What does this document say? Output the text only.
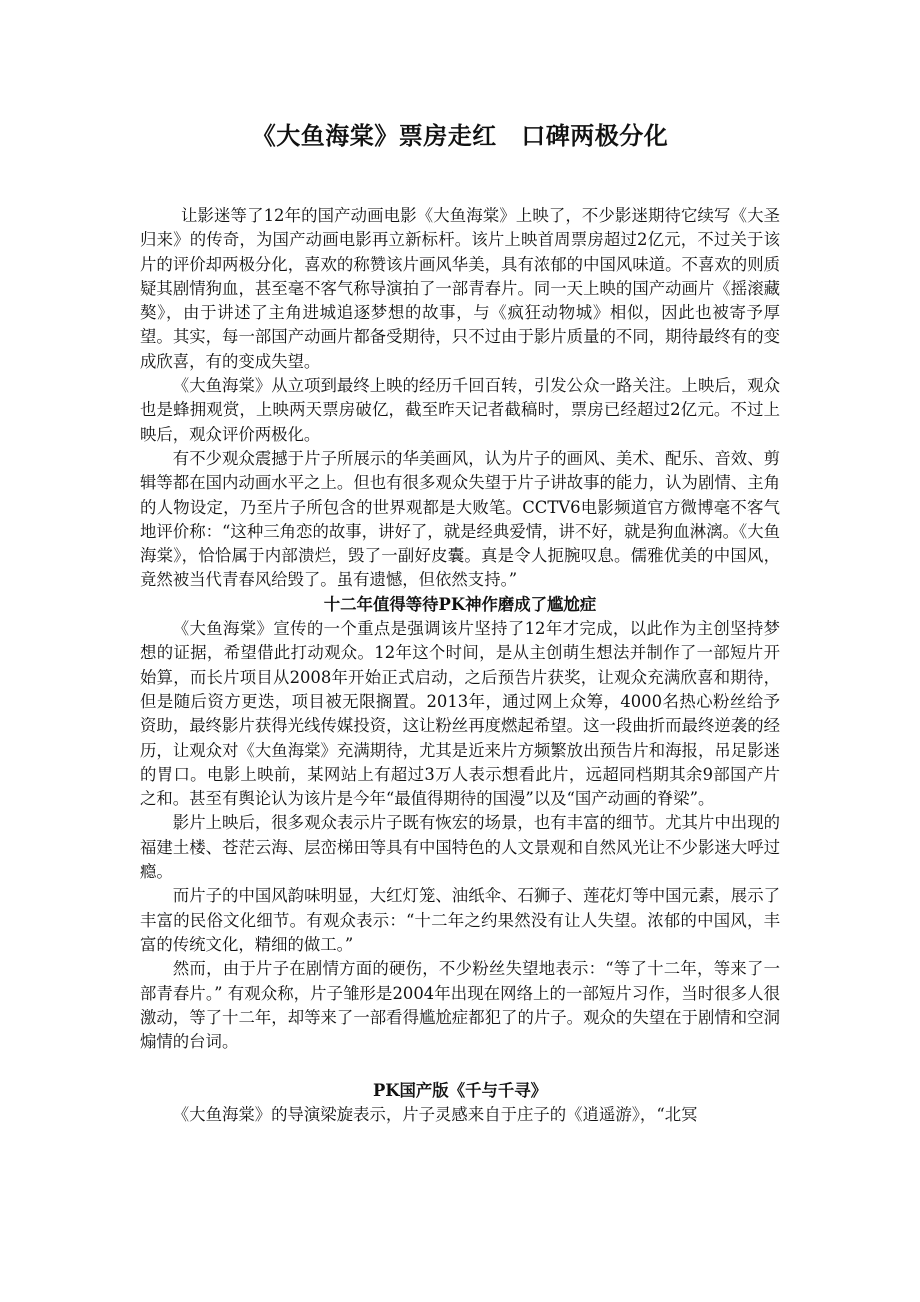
《大鱼海棠》票房走红　口碑两极分化

让影迷等了12年的国产动画电影《大鱼海棠》上映了，不少影迷期待它续写《大圣归来》的传奇，为国产动画电影再立新标杆。该片上映首周票房超过2亿元，不过关于该片的评价却两极分化，喜欢的称赞该片画风华美，具有浓郁的中国风味道。不喜欢的则质疑其剧情狗血，甚至毫不客气称导演拍了一部青春片。同一天上映的国产动画片《摇滚藏獒》，由于讲述了主角进城追逐梦想的故事，与《疯狂动物城》相似，因此也被寄予厚望。其实，每一部国产动画片都备受期待，只不过由于影片质量的不同，期待最终有的变成欣喜，有的变成失望。

《大鱼海棠》从立项到最终上映的经历千回百转，引发公众一路关注。上映后，观众也是蜂拥观赏，上映两天票房破亿，截至昨天记者截稿时，票房已经超过2亿元。不过上映后，观众评价两极化。

有不少观众震撼于片子所展示的华美画风，认为片子的画风、美术、配乐、音效、剪辑等都在国内动画水平之上。但也有很多观众失望于片子讲故事的能力，认为剧情、主角的人物设定，乃至片子所包含的世界观都是大败笔。CCTV6电影频道官方微博毫不客气地评价称：“这种三角恋的故事，讲好了，就是经典爱情，讲不好，就是狗血淋漓。《大鱼海棠》，恰恰属于内部溃烂，毁了一副好皮囊。真是令人扼腕叹息。儒雅优美的中国风，竟然被当代青春风给毁了。虽有遗憾，但依然支持。”

十二年值得等待PK神作磨成了尴尬症

《大鱼海棠》宣传的一个重点是强调该片坚持了12年才完成，以此作为主创坚持梦想的证据，希望借此打动观众。12年这个时间，是从主创萌生想法并制作了一部短片开始算，而长片项目从2008年开始正式启动，之后预告片获奖，让观众充满欣喜和期待，但是随后资方更迭，项目被无限搁置。2013年，通过网上众筹，4000名热心粉丝给予资助，最终影片获得光线传媒投资，这让粉丝再度燃起希望。这一段曲折而最终逆袭的经历，让观众对《大鱼海棠》充满期待，尤其是近来片方频繁放出预告片和海报，吊足影迷的胃口。电影上映前，某网站上有超过3万人表示想看此片，远超同档期其余9部国产片之和。甚至有舆论认为该片是今年“最值得期待的国漫”以及“国产动画的脊梁”。

影片上映后，很多观众表示片子既有恢宏的场景，也有丰富的细节。尤其片中出现的福建土楼、苍茫云海、层峦梯田等具有中国特色的人文景观和自然风光让不少影迷大呼过瘾。

而片子的中国风韵味明显，大红灯笼、油纸伞、石狮子、莲花灯等中国元素，展示了丰富的民俗文化细节。有观众表示：“十二年之约果然没有让人失望。浓郁的中国风，丰富的传统文化，精细的做工。”

然而，由于片子在剧情方面的硬伤，不少粉丝失望地表示：“等了十二年，等来了一部青春片。” 有观众称，片子雏形是2004年出现在网络上的一部短片习作，当时很多人很激动，等了十二年，却等来了一部看得尴尬症都犯了的片子。观众的失望在于剧情和空洞煽情的台词。

PK国产版《千与千寻》

《大鱼海棠》的导演梁旋表示，片子灵感来自于庄子的《逍遥游》，“北冥
